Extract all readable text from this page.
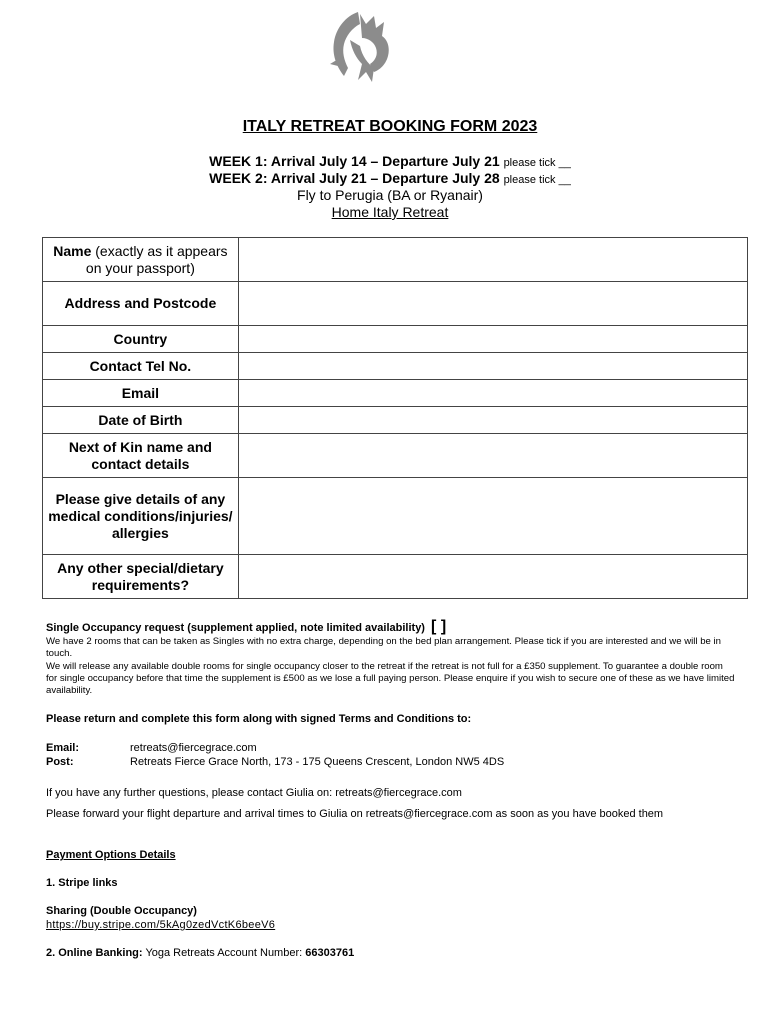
ITALY RETREAT BOOKING FORM 2023
WEEK 1: Arrival July 14 – Departure July 21 please tick __
WEEK 2: Arrival July 21 – Departure July 28 please tick __
Fly to Perugia (BA or Ryanair)
Home Italy Retreat
Name (exactly as it appears on your passport)	
Address and Postcode	
Country	
Contact Tel No.	
Email	
Date of Birth	
Next of Kin name and contact details	
Please give details of any medical conditions/injuries/ allergies	
Any other special/dietary requirements?	
Single Occupancy request (supplement applied, note limited availability) [ ]
We have 2 rooms that can be taken as Singles with no extra charge, depending on the bed plan arrangement. Please tick if you are interested and we will be in touch.
We will release any available double rooms for single occupancy closer to the retreat if the retreat is not full for a £350 supplement. To guarantee a double room for single occupancy before that time the supplement is £500 as we lose a full paying person. Please enquire if you wish to secure one of these as we have limited availability.
Please return and complete this form along with signed Terms and Conditions to:
Email:	retreats@fiercegrace.com
Post:	Retreats Fierce Grace North, 173 - 175 Queens Crescent, London NW5 4DS
If you have any further questions, please contact Giulia on: retreats@fiercegrace.com
Please forward your flight departure and arrival times to Giulia on retreats@fiercegrace.com as soon as you have booked them
Payment Options Details
1. Stripe links
Sharing (Double Occupancy)
https://buy.stripe.com/5kAg0zedVctK6beeV6
2. Online Banking: Yoga Retreats Account Number: 66303761
